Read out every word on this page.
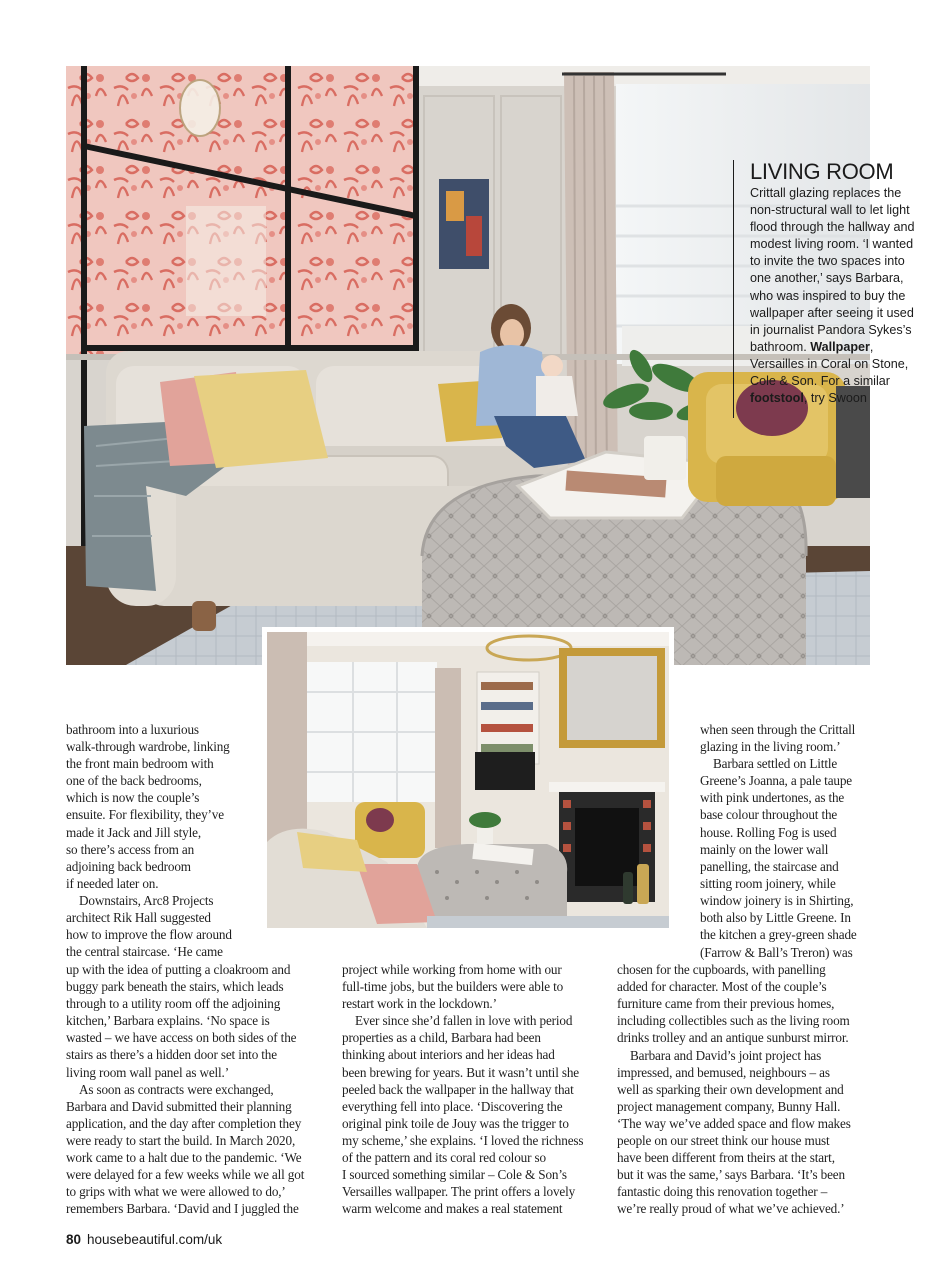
LIVING ROOM
Crittall glazing replaces the non-structural wall to let light flood through the hallway and modest living room. ‘I wanted to invite the two spaces into one another,’ says Barbara, who was inspired to buy the wallpaper after seeing it used in journalist Pandora Sykes’s bathroom. Wallpaper, Versailles in Coral on Stone, Cole & Son. For a similar footstool, try Swoon
bathroom into a luxurious
walk-through wardrobe, linking
the front main bedroom with
one of the back bedrooms,
which is now the couple’s
ensuite. For flexibility, they’ve
made it Jack and Jill style,
so there’s access from an
adjoining back bedroom
if needed later on.
Downstairs, Arc8 Projects
architect Rik Hall suggested
how to improve the flow around
the central staircase. ‘He came
up with the idea of putting a cloakroom and
buggy park beneath the stairs, which leads
through to a utility room off the adjoining
kitchen,’ Barbara explains. ‘No space is
wasted – we have access on both sides of the
stairs as there’s a hidden door set into the
living room wall panel as well.’
As soon as contracts were exchanged,
Barbara and David submitted their planning
application, and the day after completion they
were ready to start the build. In March 2020,
work came to a halt due to the pandemic. ‘We
were delayed for a few weeks while we all got
to grips with what we were allowed to do,’
remembers Barbara. ‘David and I juggled the
project while working from home with our
full-time jobs, but the builders were able to
restart work in the lockdown.’
Ever since she’d fallen in love with period
properties as a child, Barbara had been
thinking about interiors and her ideas had
been brewing for years. But it wasn’t until she
peeled back the wallpaper in the hallway that
everything fell into place. ‘Discovering the
original pink toile de Jouy was the trigger to
my scheme,’ she explains. ‘I loved the richness
of the pattern and its coral red colour so
I sourced something similar – Cole & Son’s
Versailles wallpaper. The print offers a lovely
warm welcome and makes a real statement
when seen through the Crittall
glazing in the living room.’
Barbara settled on Little
Greene’s Joanna, a pale taupe
with pink undertones, as the
base colour throughout the
house. Rolling Fog is used
mainly on the lower wall
panelling, the staircase and
sitting room joinery, while
window joinery is in Shirting,
both also by Little Greene. In
the kitchen a grey-green shade
(Farrow & Ball’s Treron) was
chosen for the cupboards, with panelling
added for character. Most of the couple’s
furniture came from their previous homes,
including collectibles such as the living room
drinks trolley and an antique sunburst mirror.
Barbara and David’s joint project has
impressed, and bemused, neighbours – as
well as sparking their own development and
project management company, Bunny Hall.
‘The way we’ve added space and flow makes
people on our street think our house must
have been different from theirs at the start,
but it was the same,’ says Barbara. ‘It’s been
fantastic doing this renovation together –
we’re really proud of what we’ve achieved.’
80 housebeautiful.com/uk
